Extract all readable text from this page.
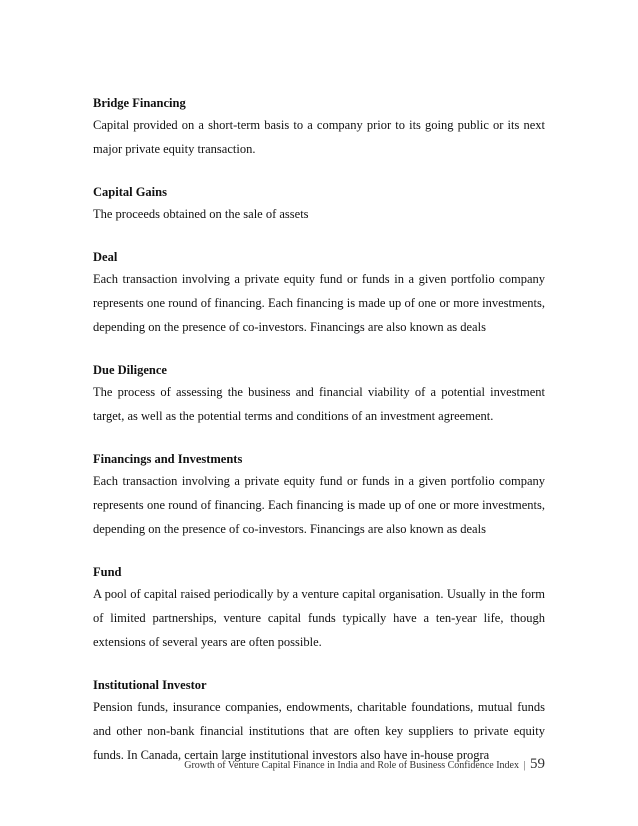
Bridge Financing

Capital provided on a short-term basis to a company prior to its going public or its next major private equity transaction.

Capital Gains

The proceeds obtained on the sale of assets

Deal

Each transaction involving a private equity fund or funds in a given portfolio company represents one round of financing. Each financing is made up of one or more investments, depending on the presence of co-investors. Financings are also known as deals

Due Diligence

The process of assessing the business and financial viability of a potential investment target, as well as the potential terms and conditions of an investment agreement.

Financings and Investments

Each transaction involving a private equity fund or funds in a given portfolio company represents one round of financing. Each financing is made up of one or more investments, depending on the presence of co-investors. Financings are also known as deals

Fund

A pool of capital raised periodically by a venture capital organisation. Usually in the form of limited partnerships, venture capital funds typically have a ten-year life, though extensions of several years are often possible.

Institutional Investor

Pension funds, insurance companies, endowments, charitable foundations, mutual funds and other non-bank financial institutions that are often key suppliers to private equity funds. In Canada, certain large institutional investors also have in-house progra

Growth of Venture Capital Finance in India and Role of Business Confidence Index | 59
